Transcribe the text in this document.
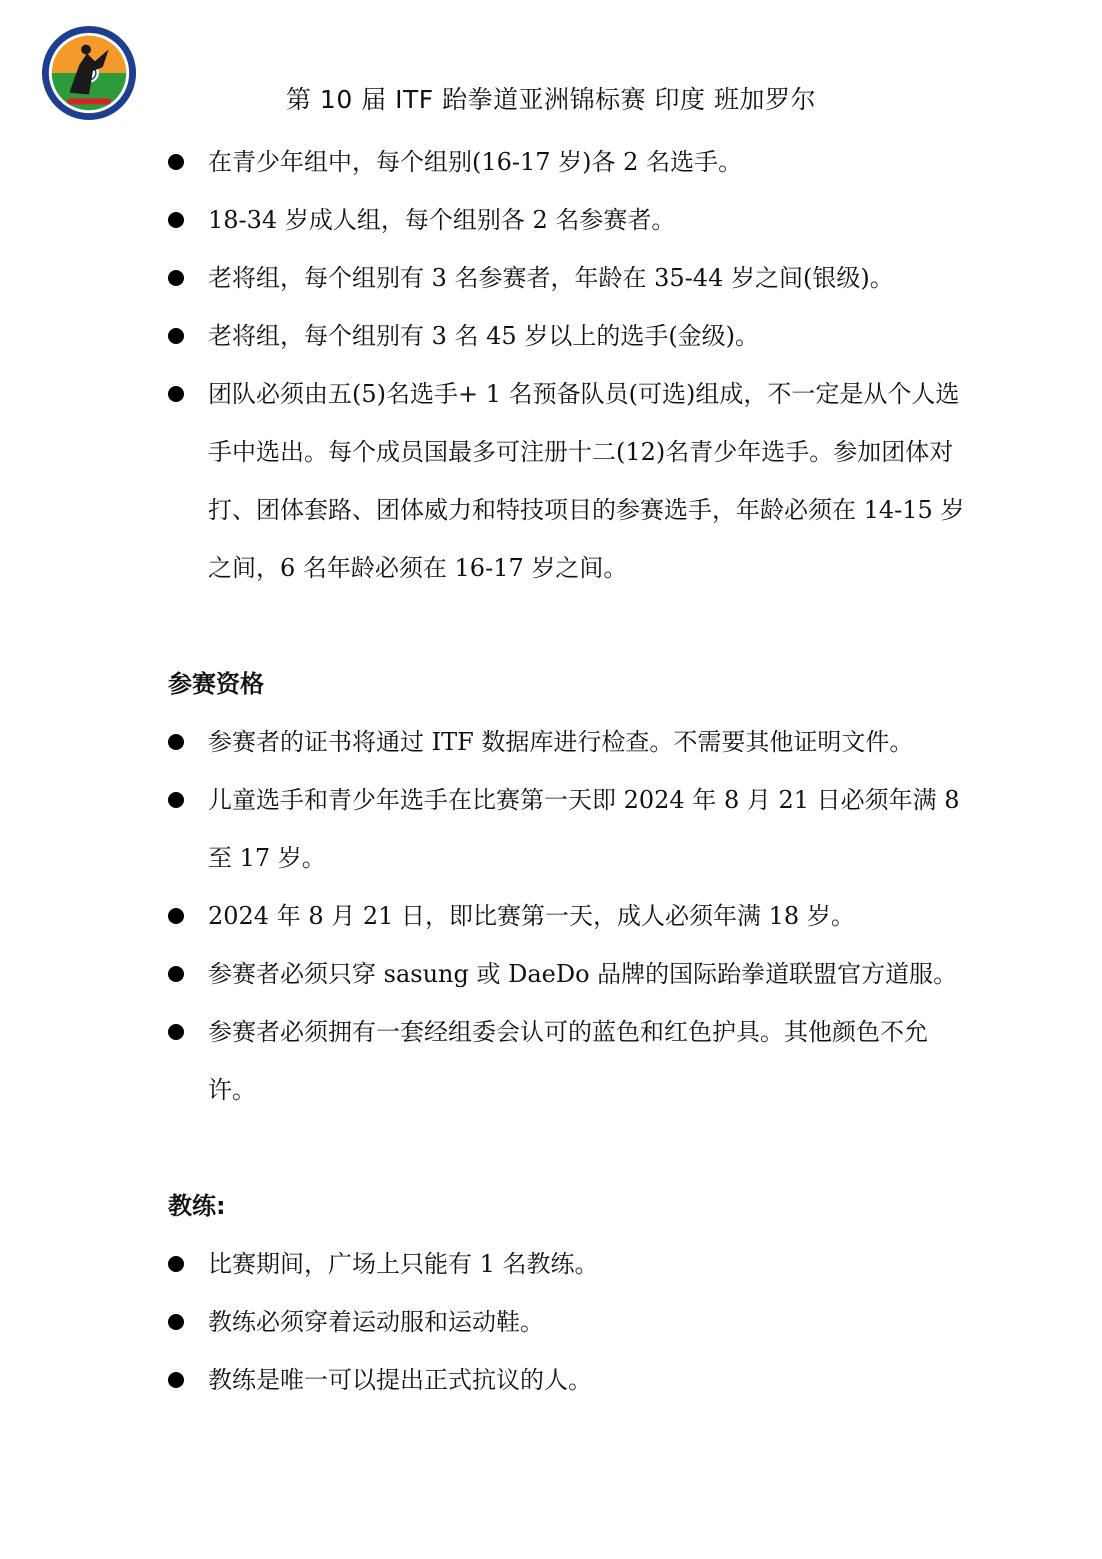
第 10 届 ITF 跆拳道亚洲锦标赛 印度 班加罗尔

在青少年组中，每个组别(16-17 岁)各 2 名选手。

18-34 岁成人组，每个组别各 2 名参赛者。

老将组，每个组别有 3 名参赛者，年龄在 35-44 岁之间(银级)。

老将组，每个组别有 3 名 45 岁以上的选手(金级)。

团队必须由五(5)名选手+ 1 名预备队员(可选)组成，不一定是从个人选手中选出。每个成员国最多可注册十二(12)名青少年选手。参加团体对打、团体套路、团体威力和特技项目的参赛选手，年龄必须在 14-15 岁之间，6 名年龄必须在 16-17 岁之间。

参赛资格

参赛者的证书将通过 ITF 数据库进行检查。不需要其他证明文件。

儿童选手和青少年选手在比赛第一天即 2024 年 8 月 21 日必须年满 8 至 17 岁。

2024 年 8 月 21 日，即比赛第一天，成人必须年满 18 岁。

参赛者必须只穿 sasung 或 DaeDo 品牌的国际跆拳道联盟官方道服。

参赛者必须拥有一套经组委会认可的蓝色和红色护具。其他颜色不允许。

教练:

比赛期间，广场上只能有 1 名教练。

教练必须穿着运动服和运动鞋。

教练是唯一可以提出正式抗议的人。
